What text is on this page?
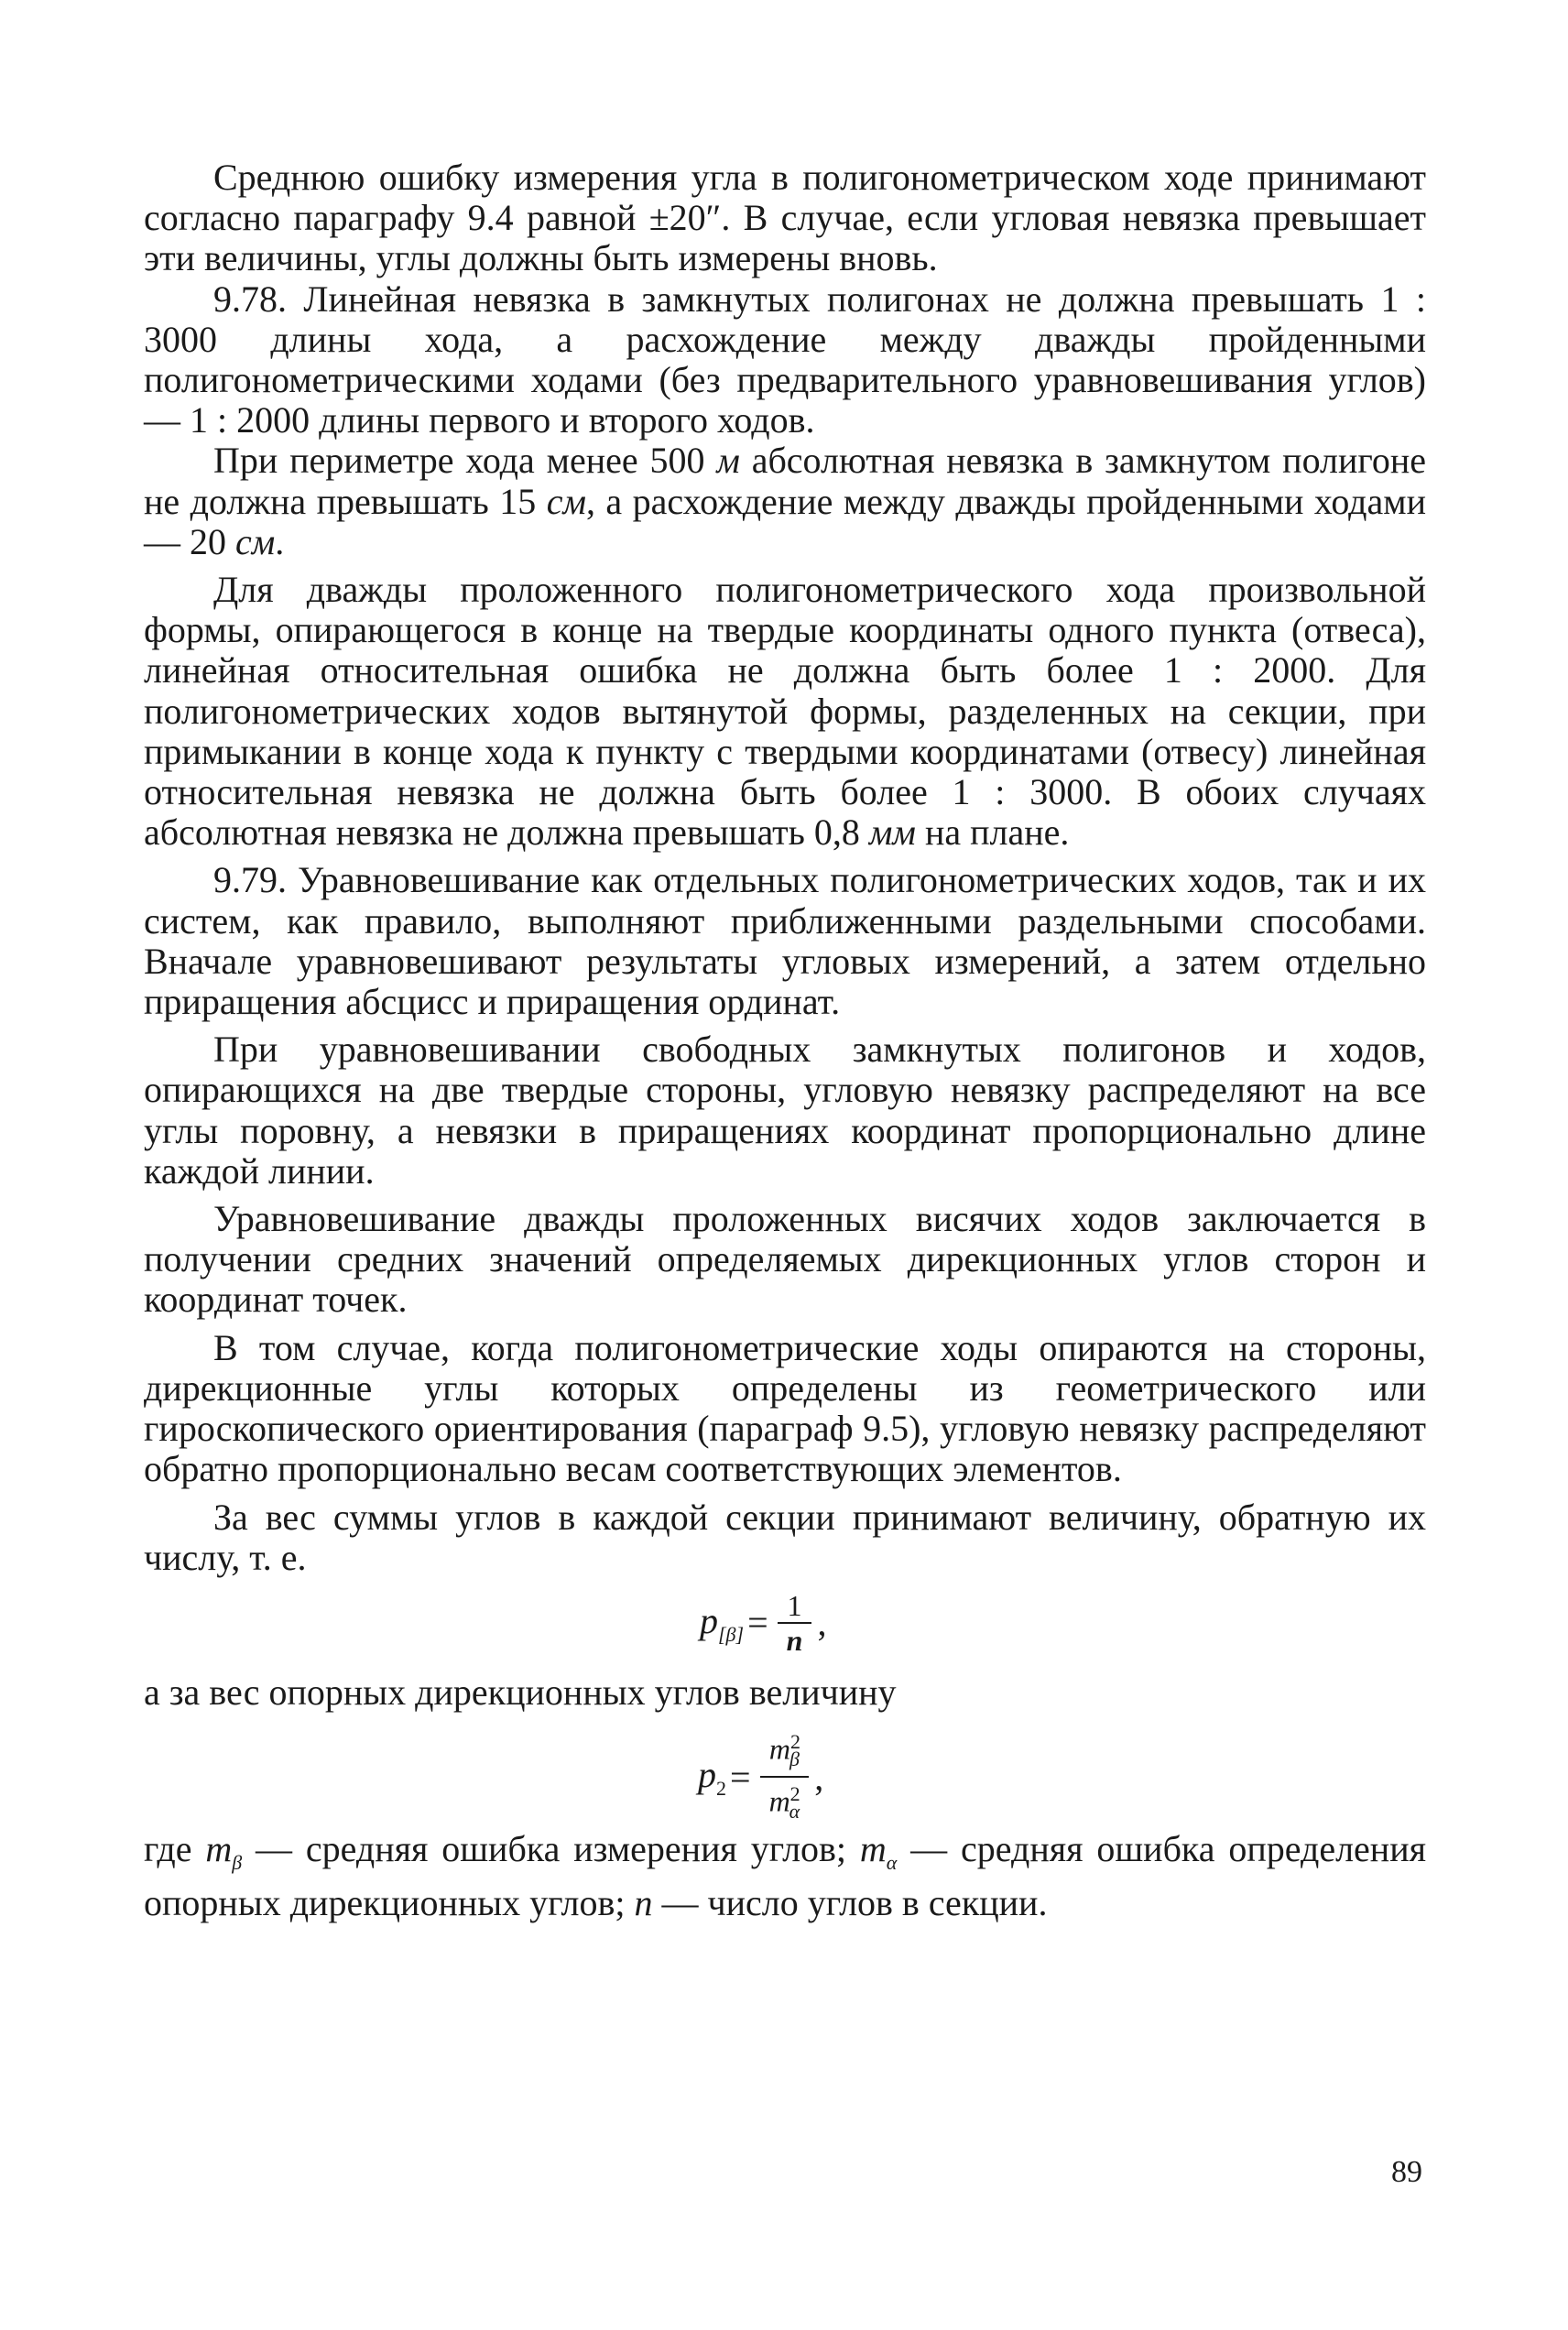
Среднюю ошибку измерения угла в полигонометрическом ходе принимают согласно параграфу 9.4 равной ±20″. В случае, если угловая невязка превышает эти величины, углы должны быть измерены вновь.

9.78. Линейная невязка в замкнутых полигонах не должна превышать 1 : 3000 длины хода, а расхождение между дважды пройденными полигонометрическими ходами (без предварительного уравновешивания углов) — 1 : 2000 длины первого и второго ходов.

При периметре хода менее 500 м абсолютная невязка в замкнутом полигоне не должна превышать 15 см, а расхождение между дважды пройденными ходами — 20 см.

Для дважды проложенного полигонометрического хода произвольной формы, опирающегося в конце на твердые координаты одного пункта (отвеса), линейная относительная ошибка не должна быть более 1 : 2000. Для полигонометрических ходов вытянутой формы, разделенных на секции, при примыкании в конце хода к пункту с твердыми координатами (отвесу) линейная относительная невязка не должна быть более 1 : 3000. В обоих случаях абсолютная невязка не должна превышать 0,8 мм на плане.

9.79. Уравновешивание как отдельных полигонометрических ходов, так и их систем, как правило, выполняют приближенными раздельными способами. Вначале уравновешивают результаты угловых измерений, а затем отдельно приращения абсцисс и приращения ординат.

При уравновешивании свободных замкнутых полигонов и ходов, опирающихся на две твердые стороны, угловую невязку распределяют на все углы поровну, а невязки в приращениях координат пропорционально длине каждой линии.

Уравновешивание дважды проложенных висячих ходов заключается в получении средних значений определяемых дирекционных углов сторон и координат точек.

В том случае, когда полигонометрические ходы опираются на стороны, дирекционные углы которых определены из геометрического или гироскопического ориентирования (параграф 9.5), угловую невязку распределяют обратно пропорционально весам соответствующих элементов.

За вес суммы углов в каждой секции принимают величину, обратную их числу, т. е.

$p_{[\beta]} = \frac{1}{n}$ ,

а за вес опорных дирекционных углов величину

$p_2 = \frac{m^2_\beta}{m^2_\alpha}$ ,

где $m_\beta$ — средняя ошибка измерения углов; $m_\alpha$ — средняя ошибка определения опорных дирекционных углов; n — число углов в секции.

89
